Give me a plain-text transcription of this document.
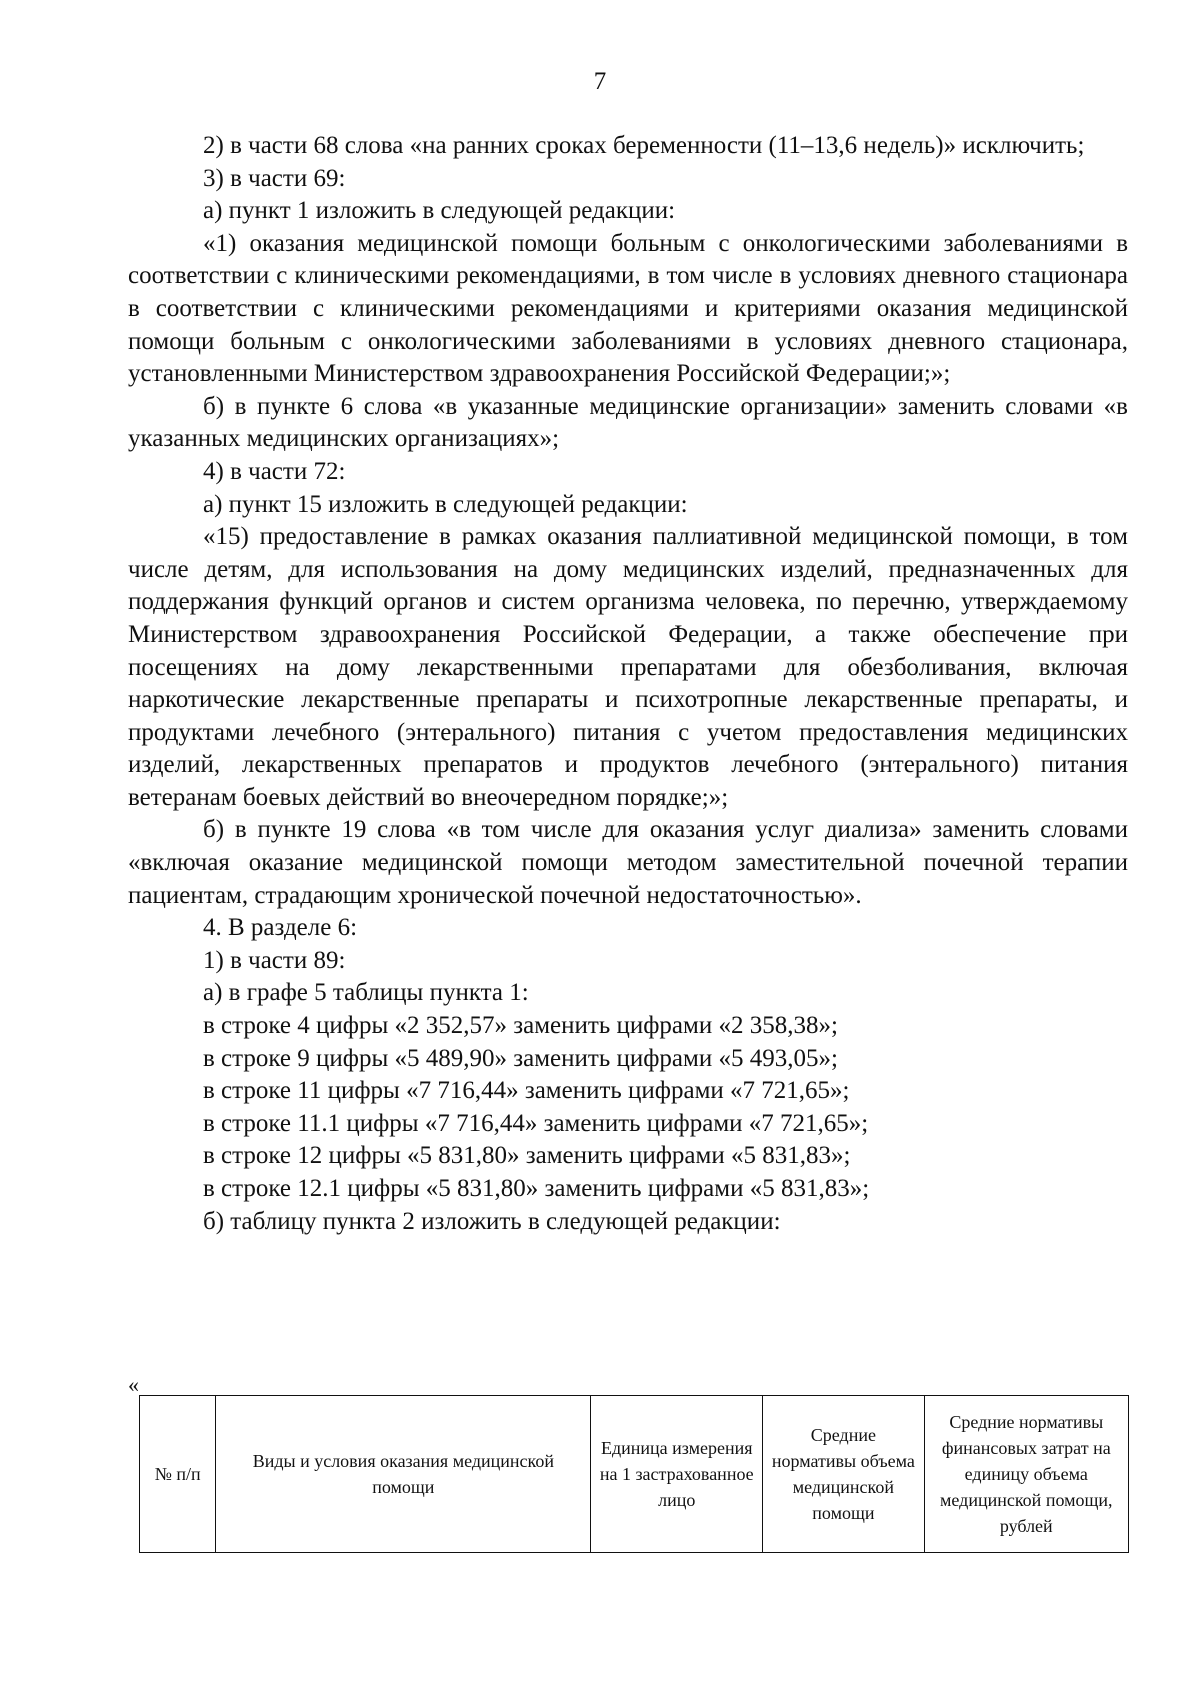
7

2) в части 68 слова «на ранних сроках беременности (11–13,6 недель)» исключить;

3) в части 69:

а) пункт 1 изложить в следующей редакции:

«1) оказания медицинской помощи больным с онкологическими заболеваниями в соответствии с клиническими рекомендациями, в том числе в условиях дневного стационара в соответствии с клиническими рекомендациями и критериями оказания медицинской помощи больным с онкологическими заболеваниями в условиях дневного стационара, установленными Министерством здравоохранения Российской Федерации;»;

б) в пункте 6 слова «в указанные медицинские организации» заменить словами «в указанных медицинских организациях»;

4) в части 72:

а) пункт 15 изложить в следующей редакции:

«15) предоставление в рамках оказания паллиативной медицинской помощи, в том числе детям, для использования на дому медицинских изделий, предназначенных для поддержания функций органов и систем организма человека, по перечню, утверждаемому Министерством здравоохранения Российской Федерации, а также обеспечение при посещениях на дому лекарственными препаратами для обезболивания, включая наркотические лекарственные препараты и психотропные лекарственные препараты, и продуктами лечебного (энтерального) питания с учетом предоставления медицинских изделий, лекарственных препаратов и продуктов лечебного (энтерального) питания ветеранам боевых действий во внеочередном порядке;»;

б) в пункте 19 слова «в том числе для оказания услуг диализа» заменить словами «включая оказание медицинской помощи методом заместительной почечной терапии пациентам, страдающим хронической почечной недостаточностью».

4. В разделе 6:

1) в части 89:

а) в графе 5 таблицы пункта 1:

в строке 4 цифры «2 352,57» заменить цифрами «2 358,38»;

в строке 9 цифры «5 489,90» заменить цифрами «5 493,05»;

в строке 11 цифры «7 716,44» заменить цифрами «7 721,65»;

в строке 11.1 цифры «7 716,44» заменить цифрами «7 721,65»;

в строке 12 цифры «5 831,80» заменить цифрами «5 831,83»;

в строке 12.1 цифры «5 831,80» заменить цифрами «5 831,83»;

б) таблицу пункта 2 изложить в следующей редакции:

«
№ п/п	Виды и условия оказания медицинской помощи	Единица измерения на 1 застрахованное лицо	Средние нормативы объема медицинской помощи	Средние нормативы финансовых затрат на единицу объема медицинской помощи, рублей
